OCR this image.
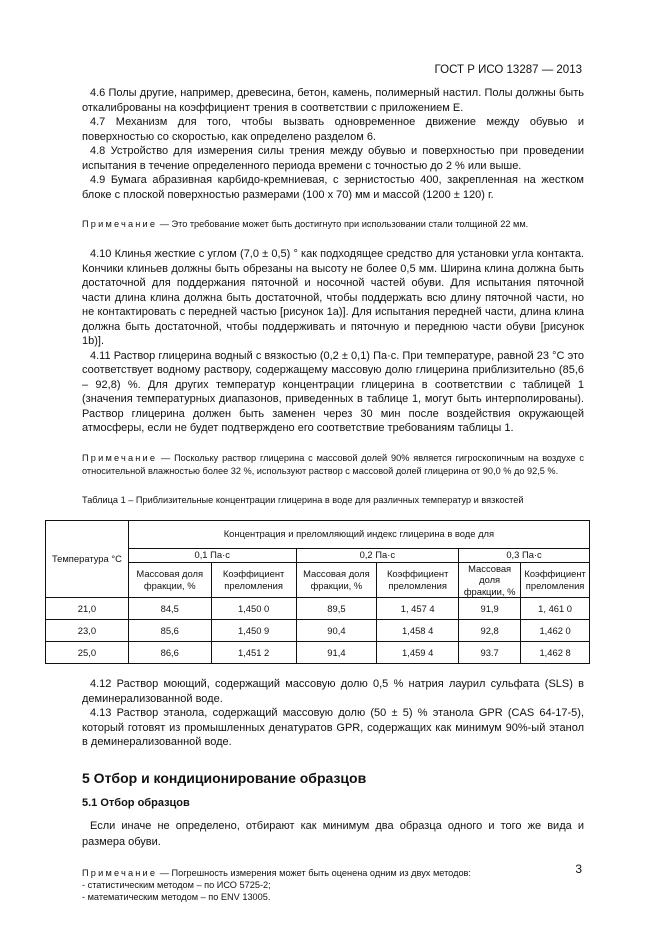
ГОСТ Р ИСО 13287 — 2013

4.6 Полы другие, например, древесина, бетон, камень, полимерный настил. Полы должны быть откалиброваны на коэффициент трения в соответствии с приложением Е.

4.7 Механизм для того, чтобы вызвать одновременное движение между обувью и поверхностью со скоростью, как определено разделом 6.

4.8 Устройство для измерения силы трения между обувью и поверхностью при проведении испытания в течение определенного периода времени с точностью до 2 % или выше.

4.9 Бумага абразивная карбидо-кремниевая, с зернистостью 400, закрепленная на жестком блоке с плоской поверхностью размерами (100 х 70) мм и массой (1200 ± 120) г.

Примечание — Это требование может быть достигнуто при использовании стали толщиной 22 мм.

4.10 Клинья жесткие с углом (7,0 ± 0,5) ° как подходящее средство для установки угла контакта. Кончики клиньев должны быть обрезаны на высоту не более 0,5 мм. Ширина клина должна быть достаточной для поддержания пяточной и носочной частей обуви. Для испытания пяточной части длина клина должна быть достаточной, чтобы поддержать всю длину пяточной части, но не контактировать с передней частью [рисунок 1а)]. Для испытания передней части, длина клина должна быть достаточной, чтобы поддерживать и пяточную и переднюю части обуви [рисунок 1b)].

4.11 Раствор глицерина водный с вязкостью (0,2 ± 0,1) Па·с. При температуре, равной 23 °С это соответствует водному раствору, содержащему массовую долю глицерина приблизительно (85,6 – 92,8) %. Для других температур концентрации глицерина в соответствии с таблицей 1 (значения температурных диапазонов, приведенных в таблице 1, могут быть интерполированы). Раствор глицерина должен быть заменен через 30 мин после воздействия окружающей атмосферы, если не будет подтверждено его соответствие требованиям таблицы 1.

Примечание — Поскольку раствор глицерина с массовой долей 90% является гигроскопичным на воздухе с относительной влажностью более 32 %, используют раствор с массовой долей глицерина от 90,0 % до 92,5 %.

Таблица 1 – Приблизительные концентрации глицерина в воде для различных температур и вязкостей

Температура °С	Концентрация и преломляющий индекс глицерина в воде для					
	0,1 Па·с		0,2 Па·с		0,3 Па·с	
	Массовая доля фракции, %	Коэффициент преломления	Массовая доля фракции, %	Коэффициент преломления	Массовая доля фракции, %	Коэффициент преломления
21,0	84,5	1,450 0	89,5	1, 457 4	91,9	1, 461 0
23,0	85,6	1,450 9	90,4	1,458 4	92,8	1,462 0
25,0	86,6	1,451 2	91,4	1,459 4	93.7	1,462 8

4.12 Раствор моющий, содержащий массовую долю 0,5 % натрия лаурил сульфата (SLS) в деминерализованной воде.

4.13 Раствор этанола, содержащий массовую долю (50 ± 5) % этанола GPR (CAS 64-17-5), который готовят из промышленных денатуратов GPR, содержащих как минимум 90%-ый этанол в деминерализованной воде.

5 Отбор и кондиционирование образцов

5.1 Отбор образцов

Если иначе не определено, отбирают как минимум два образца одного и того же вида и размера обуви.

Примечание — Погрешность измерения может быть оценена одним из двух методов:

- статистическим методом – по ИСО 5725-2;

- математическим методом – по ENV 13005.

3
